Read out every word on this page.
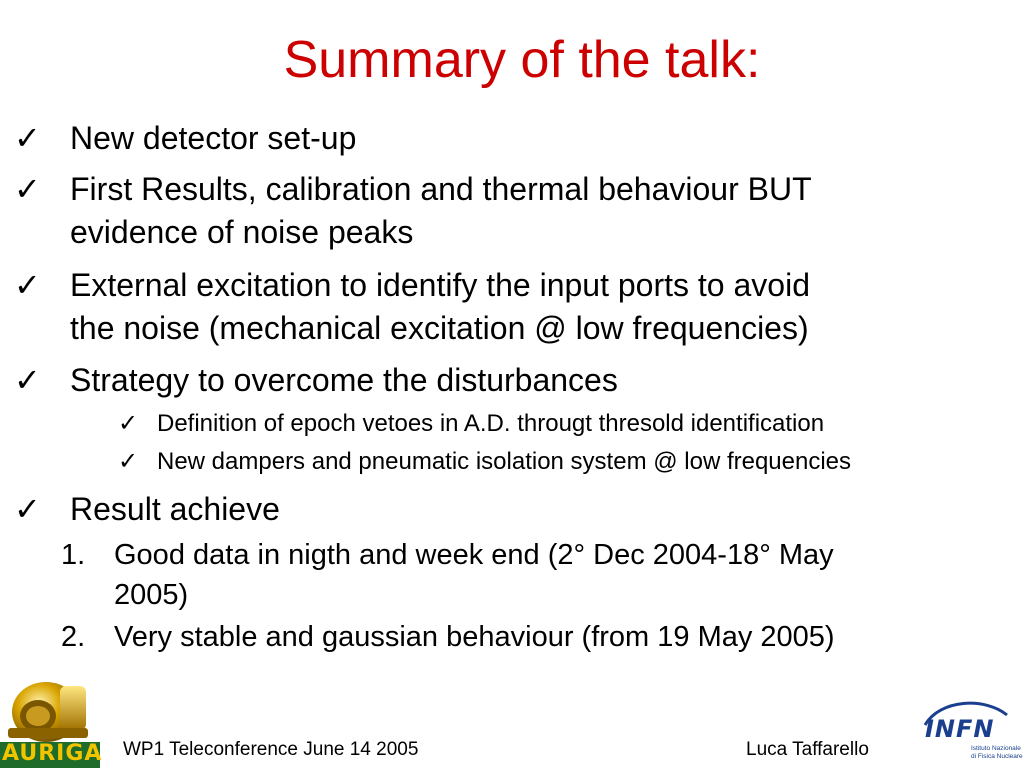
Summary of the talk:
✓ New detector set-up
✓ First Results, calibration and thermal behaviour BUT
evidence of noise peaks
✓ External excitation to identify the input ports to avoid
the noise (mechanical excitation @ low frequencies)
✓ Strategy to overcome the disturbances
✓ Definition of epoch vetoes in A.D. througt thresold identification
✓ New dampers and pneumatic isolation system @ low frequencies
✓ Result achieve
1. Good data in nigth and week end (2° Dec 2004-18° May
2005)
2. Very stable and gaussian behaviour (from 19 May 2005)
WP1 Teleconference June 14 2005	Luca Taffarello
AURIGA
INFN
Istituto Nazionale
di Fisica Nucleare
